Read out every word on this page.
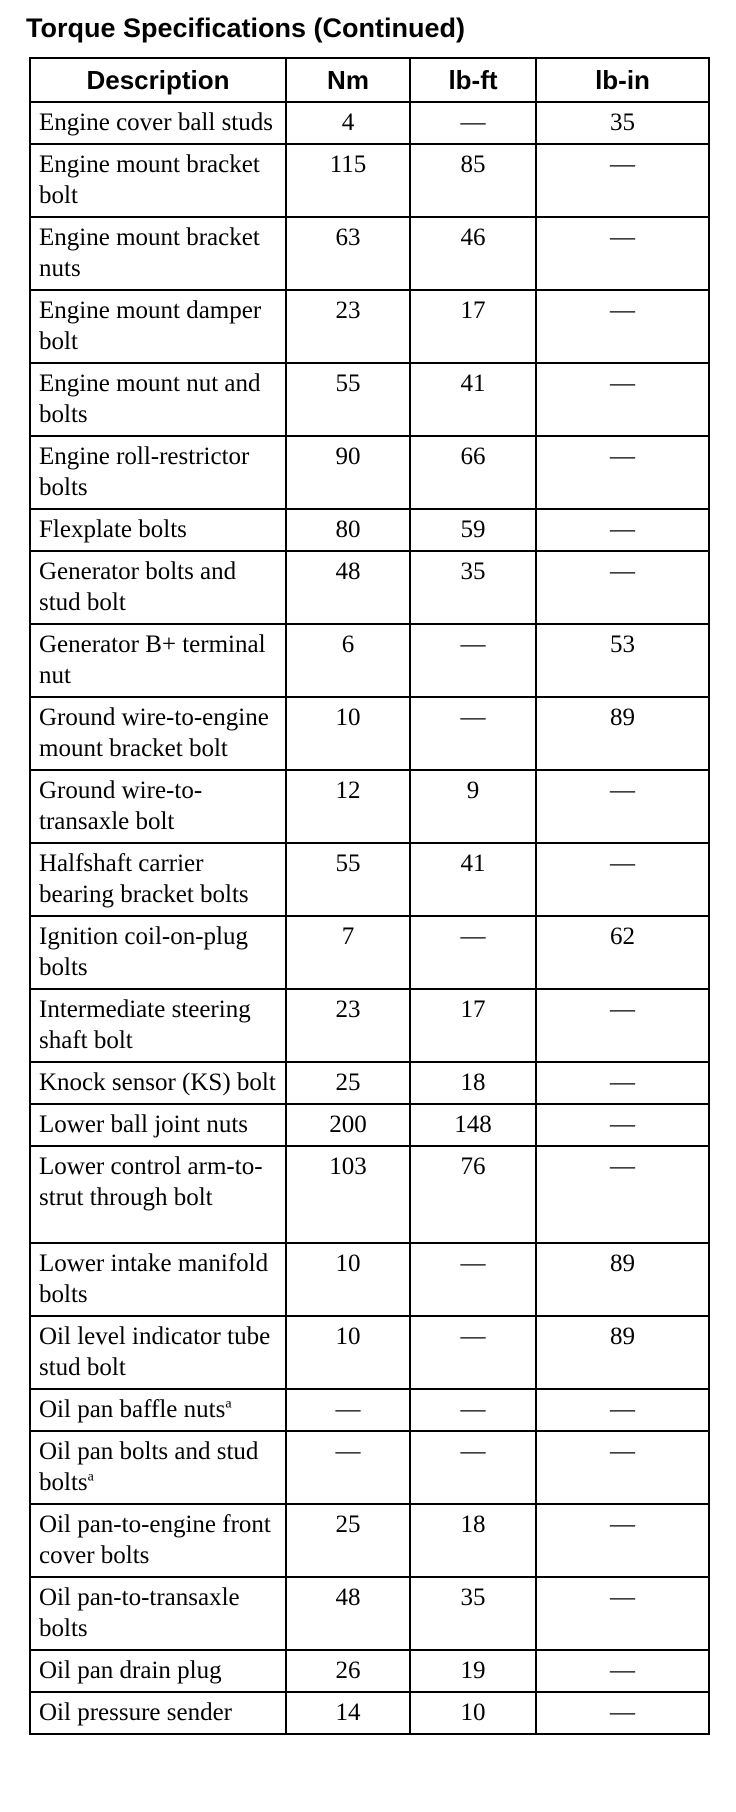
Torque Specifications (Continued)
Description	Nm	lb-ft	lb-in
Engine cover ball studs	4	—	35
Engine mount bracket bolt	115	85	—
Engine mount bracket nuts	63	46	—
Engine mount damper bolt	23	17	—
Engine mount nut and bolts	55	41	—
Engine roll-restrictor bolts	90	66	—
Flexplate bolts	80	59	—
Generator bolts and stud bolt	48	35	—
Generator B+ terminal nut	6	—	53
Ground wire-to-engine mount bracket bolt	10	—	89
Ground wire-to-transaxle bolt	12	9	—
Halfshaft carrier bearing bracket bolts	55	41	—
Ignition coil-on-plug bolts	7	—	62
Intermediate steering shaft bolt	23	17	—
Knock sensor (KS) bolt	25	18	—
Lower ball joint nuts	200	148	—
Lower control arm-to-strut through bolt	103	76	—
Lower intake manifold bolts	10	—	89
Oil level indicator tube stud bolt	10	—	89
Oil pan baffle nuts$^a$	—	—	—
Oil pan bolts and stud bolts$^a$	—	—	—
Oil pan-to-engine front cover bolts	25	18	—
Oil pan-to-transaxle bolts	48	35	—
Oil pan drain plug	26	19	—
Oil pressure sender	14	10	—
